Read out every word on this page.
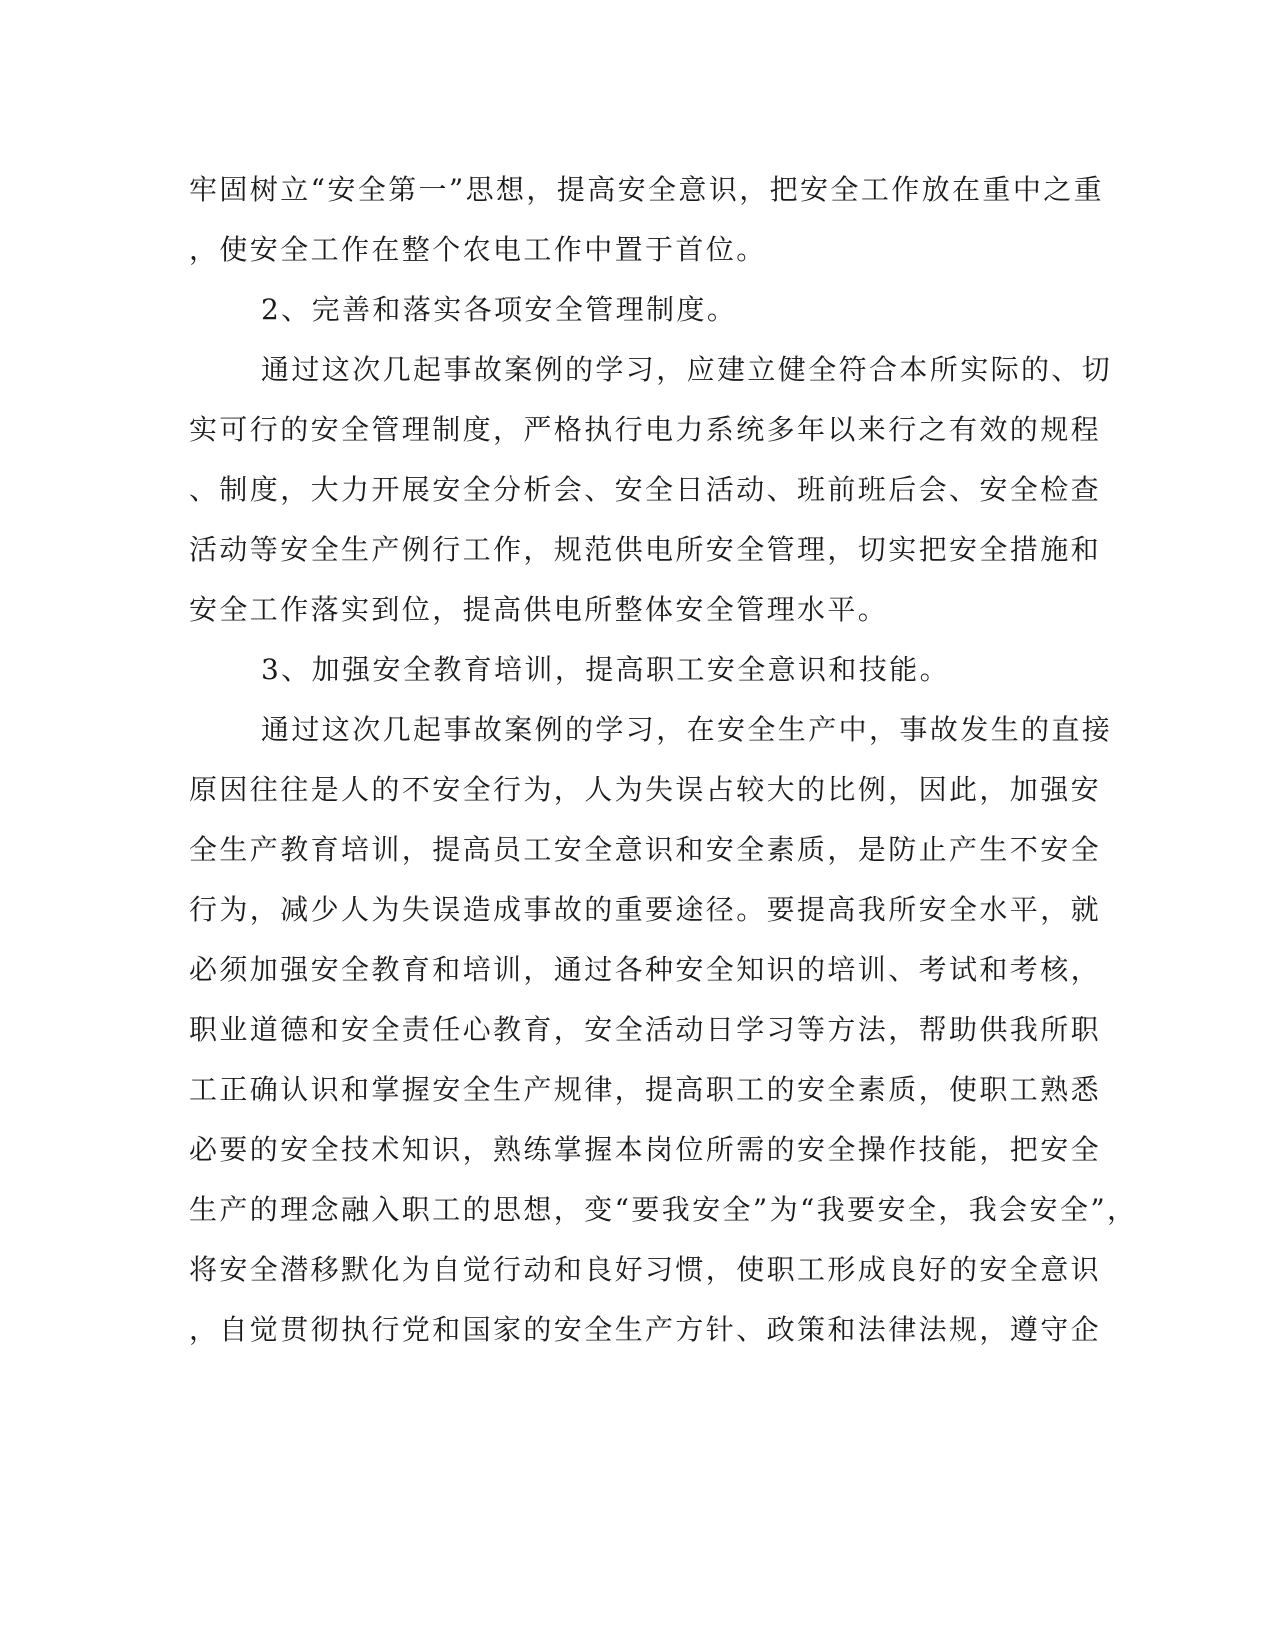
牢固树立“安全第一”思想，提高安全意识，把安全工作放在重中之重
，使安全工作在整个农电工作中置于首位。
2、完善和落实各项安全管理制度。
通过这次几起事故案例的学习，应建立健全符合本所实际的、切
实可行的安全管理制度，严格执行电力系统多年以来行之有效的规程
、制度，大力开展安全分析会、安全日活动、班前班后会、安全检查
活动等安全生产例行工作，规范供电所安全管理，切实把安全措施和
安全工作落实到位，提高供电所整体安全管理水平。
3、加强安全教育培训，提高职工安全意识和技能。
通过这次几起事故案例的学习，在安全生产中，事故发生的直接
原因往往是人的不安全行为，人为失误占较大的比例，因此，加强安
全生产教育培训，提高员工安全意识和安全素质，是防止产生不安全
行为，减少人为失误造成事故的重要途径。要提高我所安全水平，就
必须加强安全教育和培训，通过各种安全知识的培训、考试和考核，
职业道德和安全责任心教育，安全活动日学习等方法，帮助供我所职
工正确认识和掌握安全生产规律，提高职工的安全素质，使职工熟悉
必要的安全技术知识，熟练掌握本岗位所需的安全操作技能，把安全
生产的理念融入职工的思想，变“要我安全”为“我要安全，我会安全”，
将安全潜移默化为自觉行动和良好习惯，使职工形成良好的安全意识
，自觉贯彻执行党和国家的安全生产方针、政策和法律法规，遵守企
